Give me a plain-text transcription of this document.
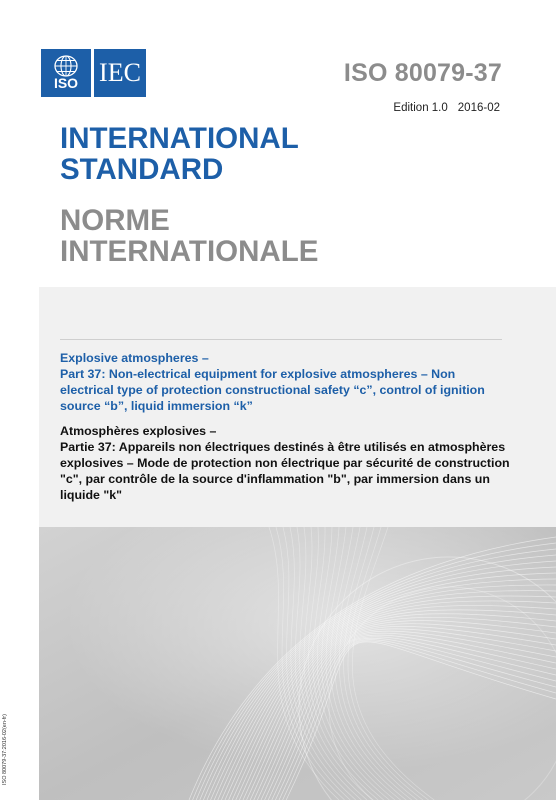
ISO IEC	ISO 80079-37
Edition 1.0 2016-02
INTERNATIONAL
STANDARD
NORME
INTERNATIONALE

Explosive atmospheres –

Part 37: Non-electrical equipment for explosive atmospheres – Non electrical type of protection constructional safety “c”, control of ignition source “b”, liquid immersion “k”

Atmosphères explosives –

Partie 37: Appareils non électriques destinés à être utilisés en atmosphères explosives – Mode de protection non électrique par sécurité de construction "c", par contrôle de la source d'inflammation "b", par immersion dans un liquide "k"

ISO 80079-37:2016-02(en-fr)
